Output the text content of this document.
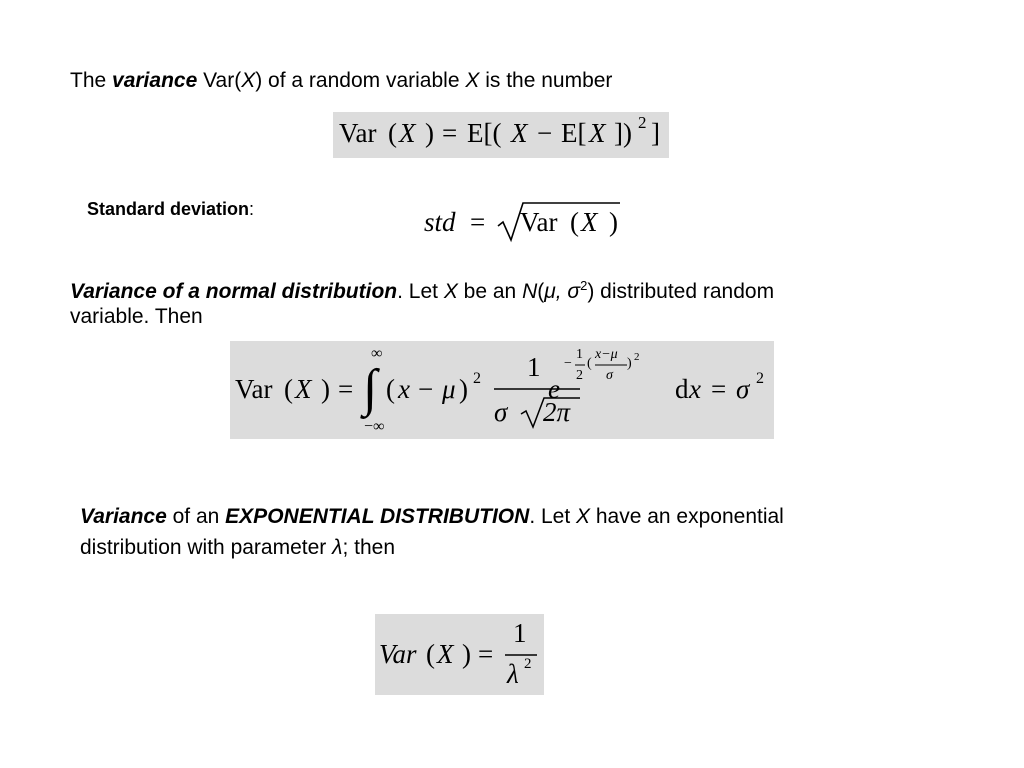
The variance Var(X) of a random variable X is the number
Var ( X ) = E[( X − E[ X ]) 2 ]
Standard deviation:	std = Var ( X )
Variance of a normal distribution. Let X be an N(μ, $\sigma^2$) distributed random
variable. Then
Var ( X ) =
∞
∫
−∞
( x − μ ) 2 1
σ 2π
e
−
1
2
(
x−μ
σ
) 2
d x = σ 2
Variance of an EXPONENTIAL DISTRIBUTION. Let X have an exponential
distribution with parameter λ; then
Var ( X ) =
1
λ 2
